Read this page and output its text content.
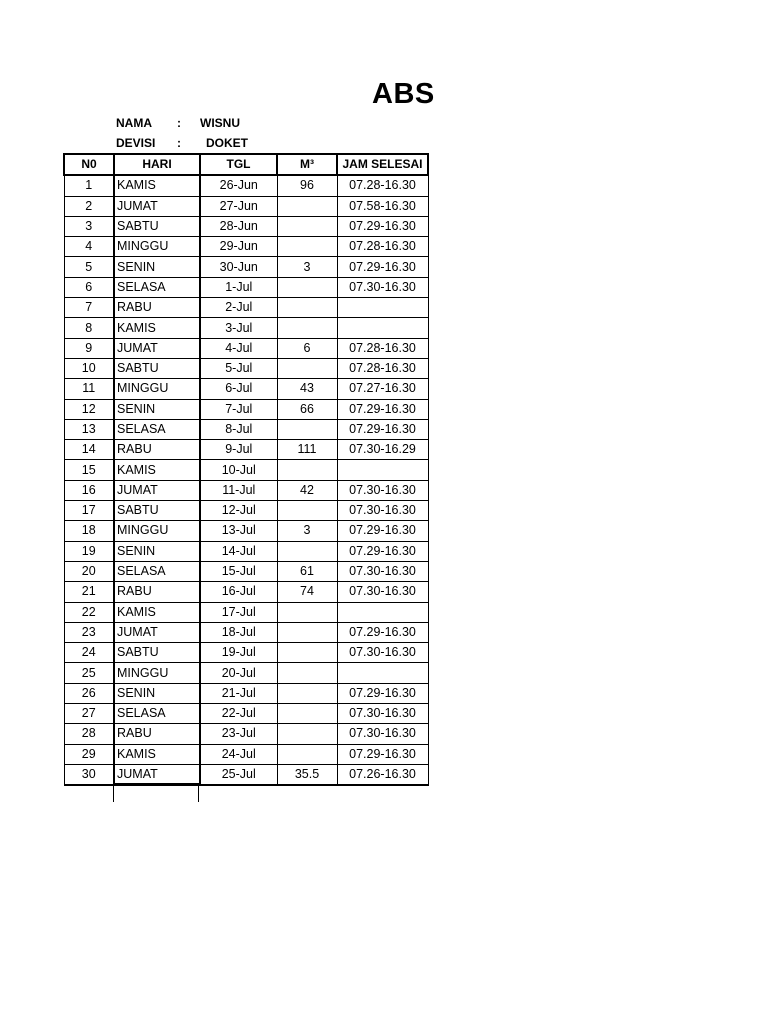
ABS
NAMA : WISNU
DEVISI : DOKET
N0	HARI	TGL	M³	JAM SELESAI
1	KAMIS	26-Jun	96	07.28-16.30
2	JUMAT	27-Jun		07.58-16.30
3	SABTU	28-Jun		07.29-16.30
4	MINGGU	29-Jun		07.28-16.30
5	SENIN	30-Jun	3	07.29-16.30
6	SELASA	1-Jul		07.30-16.30
7	RABU	2-Jul		
8	KAMIS	3-Jul		
9	JUMAT	4-Jul	6	07.28-16.30
10	SABTU	5-Jul		07.28-16.30
11	MINGGU	6-Jul	43	07.27-16.30
12	SENIN	7-Jul	66	07.29-16.30
13	SELASA	8-Jul		07.29-16.30
14	RABU	9-Jul	111	07.30-16.29
15	KAMIS	10-Jul		
16	JUMAT	11-Jul	42	07.30-16.30
17	SABTU	12-Jul		07.30-16.30
18	MINGGU	13-Jul	3	07.29-16.30
19	SENIN	14-Jul		07.29-16.30
20	SELASA	15-Jul	61	07.30-16.30
21	RABU	16-Jul	74	07.30-16.30
22	KAMIS	17-Jul		
23	JUMAT	18-Jul		07.29-16.30
24	SABTU	19-Jul		07.30-16.30
25	MINGGU	20-Jul		
26	SENIN	21-Jul		07.29-16.30
27	SELASA	22-Jul		07.30-16.30
28	RABU	23-Jul		07.30-16.30
29	KAMIS	24-Jul		07.29-16.30
30	JUMAT	25-Jul	35.5	07.26-16.30
